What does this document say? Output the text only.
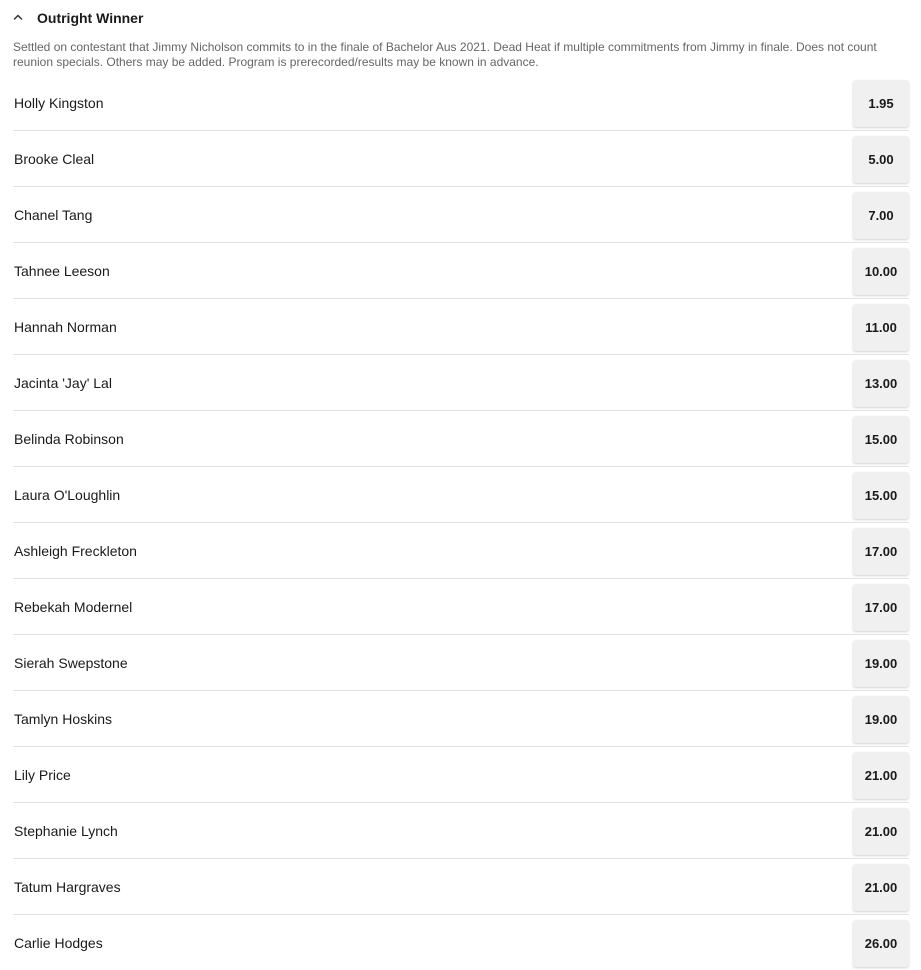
Outright Winner
Settled on contestant that Jimmy Nicholson commits to in the finale of Bachelor Aus 2021. Dead Heat if multiple commitments from Jimmy in finale. Does not count reunion specials. Others may be added. Program is prerecorded/results may be known in advance.
Holly Kingston	1.95
Brooke Cleal	5.00
Chanel Tang	7.00
Tahnee Leeson	10.00
Hannah Norman	11.00
Jacinta 'Jay' Lal	13.00
Belinda Robinson	15.00
Laura O'Loughlin	15.00
Ashleigh Freckleton	17.00
Rebekah Modernel	17.00
Sierah Swepstone	19.00
Tamlyn Hoskins	19.00
Lily Price	21.00
Stephanie Lynch	21.00
Tatum Hargraves	21.00
Carlie Hodges	26.00
